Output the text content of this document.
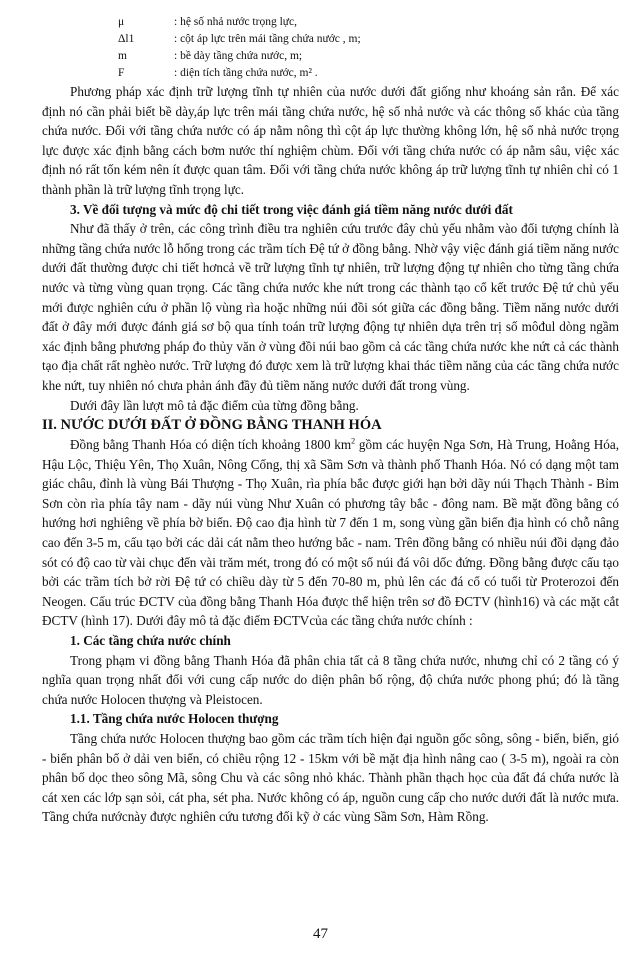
μ	: hệ số nhả nước trọng lực,
Δl1	: cột áp lực trên mái tầng chứa nước , m;
m	: bề dày tầng chứa nước, m;
F	: diện tích tầng chứa nước, m² .

Phương pháp xác định trữ lượng tĩnh tự nhiên của nước dưới đất giống như khoáng sản rắn. Để xác định nó cần phải biết bề dày,áp lực trên mái tầng chứa nước, hệ số nhả nước và các thông số khác của tầng chứa nước. Đối với tầng chứa nước có áp nằm nông thì cột áp lực thường không lớn, hệ số nhả nước trọng lực được xác định bằng cách bơm nước thí nghiệm chùm. Đối với tầng chứa nước có áp nằm sâu, việc xác định nó rất tốn kém nên ít được quan tâm. Đối với tầng chứa nước không áp trữ lượng tĩnh tự nhiên chỉ có 1 thành phần là trữ lượng tĩnh trọng lực.

3. Về đối tượng và mức độ chi tiết trong việc đánh giá tiềm năng nước dưới đất

Như đã thấy ở trên, các công trình điều tra nghiên cứu trước đây chủ yếu nhằm vào đối tượng chính là những tầng chứa nước lỗ hổng trong các trầm tích Đệ tứ ở đồng bằng. Nhờ vậy việc đánh giá tiềm năng nước dưới đất thường được chi tiết hơncả về trữ lượng tĩnh tự nhiên, trữ lượng động tự nhiên cho từng tầng chứa nước và từng vùng quan trọng. Các tầng chứa nước khe nứt trong các thành tạo cổ kết trước Đệ tứ chủ yếu mới được nghiên cứu ở phần lộ vùng rìa hoặc những núi đồi sót giữa các đồng bằng. Tiềm năng nước dưới đất ở đây mới được đánh giá sơ bộ qua tính toán trữ lượng động tự nhiên dựa trên trị số môđul dòng ngầm xác định bằng phương pháp đo thủy văn ở vùng đồi núi bao gồm cả các tầng chứa nước khe nứt cả các thành tạo địa chất rất nghèo nước. Trữ lượng đó được xem là trữ lượng khai thác tiềm năng của các tầng chứa nước khe nứt, tuy nhiên nó chưa phản ánh đầy đủ tiềm năng nước dưới đất trong vùng.

Dưới đây lần lượt mô tả đặc điểm của từng đồng bằng.

II. NƯỚC DƯỚI ĐẤT Ở ĐỒNG BẰNG THANH HÓA

Đồng bằng Thanh Hóa có diện tích khoảng 1800 $km^2$ gồm các huyện Nga Sơn, Hà Trung, Hoằng Hóa, Hậu Lộc, Thiệu Yên, Thọ Xuân, Nông Cống, thị xã Sầm Sơn và thành phố Thanh Hóa. Nó có dạng một tam giác châu, đỉnh là vùng Bái Thượng - Thọ Xuân, rìa phía bắc được giới hạn bởi dãy núi Thạch Thành - Bỉm Sơn còn rìa phía tây nam - dãy núi vùng Như Xuân có phương tây bắc - đông nam. Bề mặt đồng bằng có hướng hơi nghiêng về phía bờ biển. Độ cao địa hình từ 7 đến 1 m, song vùng gần biển địa hình có chỗ nâng cao đến 3-5 m, cấu tạo bởi các dải cát nằm theo hướng bắc - nam. Trên đồng bằng có nhiều núi đồi dạng đảo sót có độ cao từ vài chục đến vài trăm mét, trong đó có một số núi đá vôi dốc đứng. Đồng bằng được cấu tạo bởi các trầm tích bở rời Đệ tứ có chiều dày từ 5 đến 70-80 m, phủ lên các đá cổ có tuổi từ Proterozoi đến Neogen. Cấu trúc ĐCTV của đồng bằng Thanh Hóa được thể hiện trên sơ đồ ĐCTV (hình16) và các mặt cắt ĐCTV (hình 17). Dưới đây mô tả đặc điểm ĐCTVcủa các tầng chứa nước chính :

1. Các tầng chứa nước chính

Trong phạm vi đồng bằng Thanh Hóa đã phân chia tất cả 8 tầng chứa nước, nhưng chỉ có 2 tầng có ý nghĩa quan trọng nhất đối với cung cấp nước do diện phân bố rộng, độ chứa nước phong phú; đó là tầng chứa nước Holocen thượng và Pleistocen.

1.1. Tầng chứa nước Holocen thượng

Tầng chứa nước Holocen thượng bao gồm các trầm tích hiện đại nguồn gốc sông, sông - biển, biển, gió - biển phân bố ở dải ven biển, có chiều rộng 12 - 15km với bề mặt địa hình nâng cao ( 3-5 m), ngoài ra còn phân bố dọc theo sông Mã, sông Chu và các sông nhỏ khác. Thành phần thạch học của đất đá chứa nước là cát xen các lớp sạn sỏi, cát pha, sét pha. Nước không có áp, nguồn cung cấp cho nước dưới đất là nước mưa. Tầng chứa nướcnày được nghiên cứu tương đối kỹ ở các vùng Sầm Sơn, Hàm Rồng.

47
